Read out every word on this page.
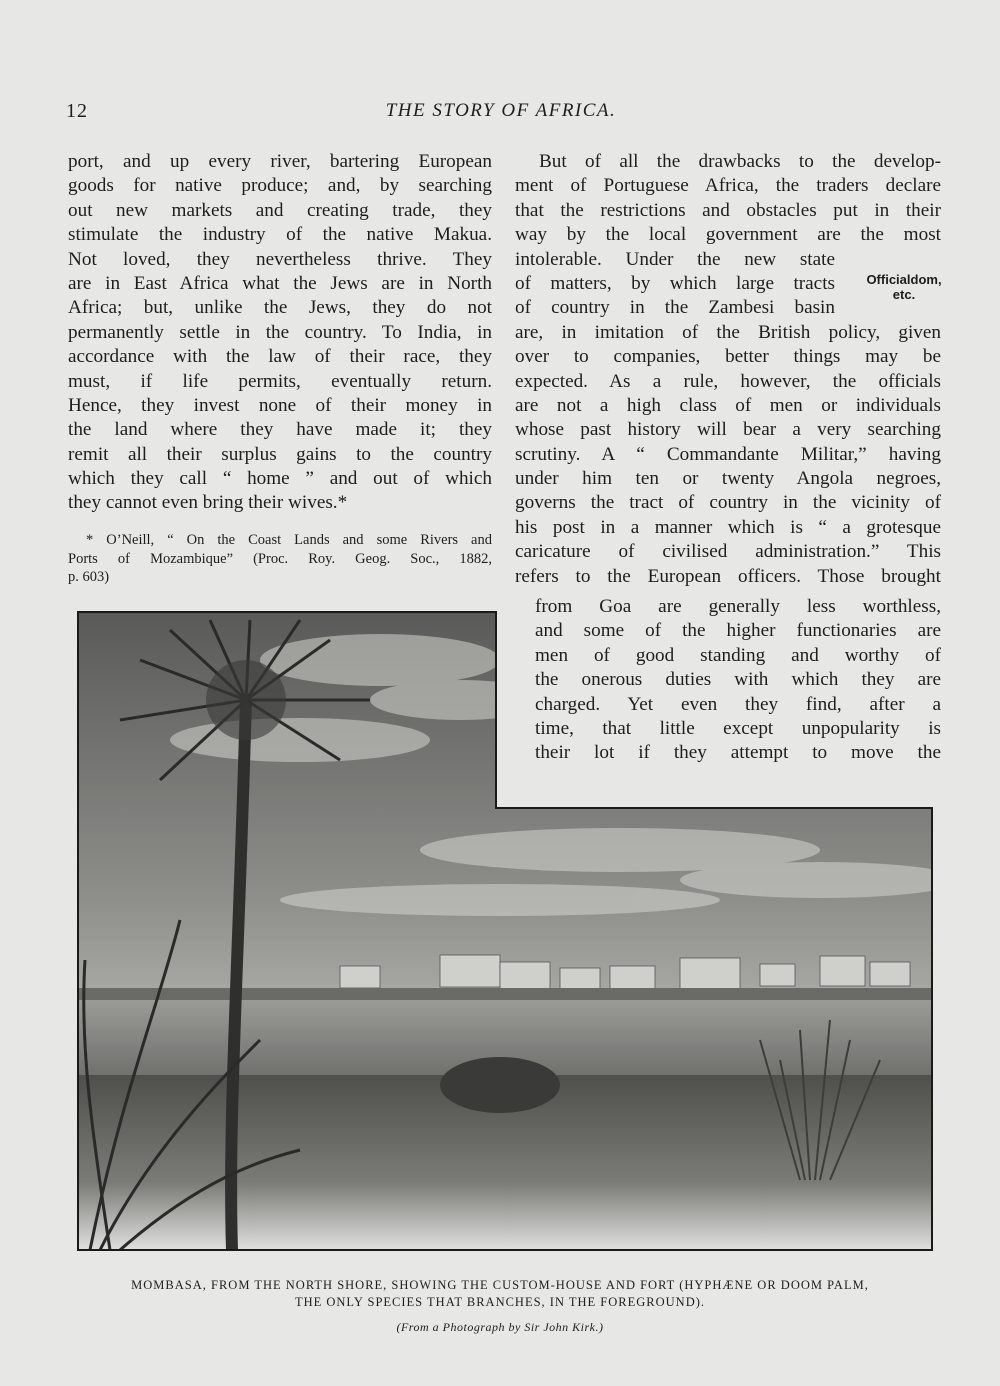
12	THE STORY OF AFRICA.
port, and up every river, bartering European
goods for native produce; and, by searching
out new markets and creating trade, they
stimulate the industry of the native Makua.
Not loved, they nevertheless thrive. They
are in East Africa what the Jews are in North
Africa; but, unlike the Jews, they do not
permanently settle in the country. To India, in
accordance with the law of their race, they
must, if life permits, eventually return.
Hence, they invest none of their money in
the land where they have made it; they
remit all their surplus gains to the country
which they call “ home ” and out of which
they cannot even bring their wives.*
* O’Neill, “ On the Coast Lands and some Rivers and
Ports of Mozambique” (Proc. Roy. Geog. Soc., 1882,
p. 603)
But of all the drawbacks to the develop-
ment of Portuguese Africa, the traders declare
that the restrictions and obstacles put in their
way by the local government are the most
intolerable. Under the new state
of matters, by which large tracts
of country in the Zambesi basin
are, in imitation of the British policy, given
over to companies, better things may be
expected. As a rule, however, the officials
are not a high class of men or individuals
whose past history will bear a very searching
scrutiny. A “ Commandante Militar,” having
under him ten or twenty Angola negroes,
governs the tract of country in the vicinity of
his post in a manner which is “ a grotesque
caricature of civilised administration.” This
refers to the European officers. Those brought
Officialdom,
etc.
from Goa are generally less worthless,
and some of the higher functionaries are
men of good standing and worthy of
the onerous duties with which they are
charged. Yet even they find, after a
time, that little except unpopularity is
their lot if they attempt to move the
MOMBASA, FROM THE NORTH SHORE, SHOWING THE CUSTOM-HOUSE AND FORT (HYPHÆNE OR DOOM PALM,
THE ONLY SPECIES THAT BRANCHES, IN THE FOREGROUND).
(From a Photograph by Sir John Kirk.)
